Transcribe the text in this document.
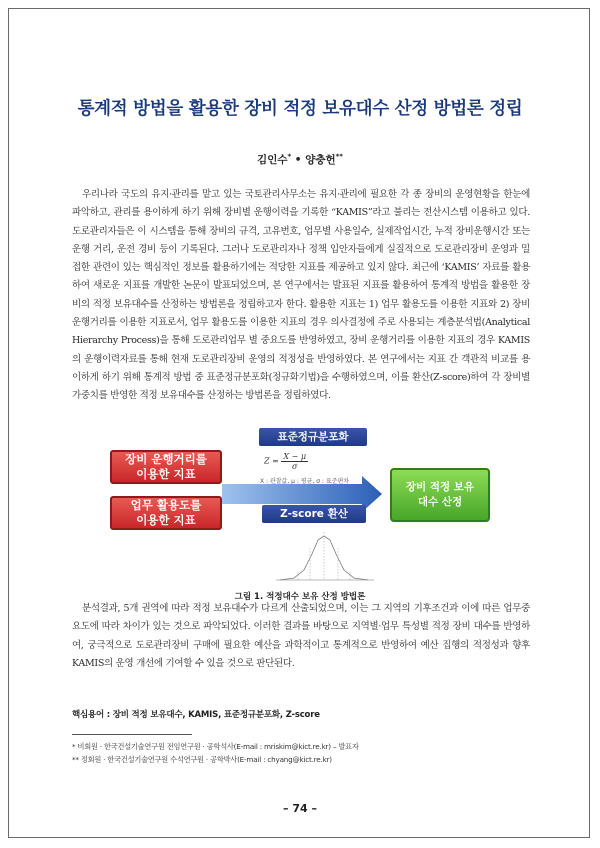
통계적 방법을 활용한 장비 적정 보유대수 산정 방법론 정립
김인수* • 양충헌**

우리나라 국도의 유지·관리를 맡고 있는 국토관리사무소는 유지·관리에 필요한 각 종 장비의 운영현황을 한눈에 파악하고, 관리를 용이하게 하기 위해 장비별 운행이력을 기록한 “KAMIS”라고 불리는 전산시스템 이용하고 있다. 도로관리자들은 이 시스템을 통해 장비의 규격, 고유번호, 업무별 사용일수, 실제작업시간, 누적 장비운행시간 또는 운행 거리, 운전 경비 등이 기록된다. 그러나 도로관리자나 정책 입안자들에게 실질적으로 도로관리장비 운영과 밀접한 관련이 있는 핵심적인 정보를 활용하기에는 적당한 지표를 제공하고 있지 않다. 최근에 ‘KAMIS’ 자료를 활용하여 새로운 지표를 개발한 논문이 발표되었으며, 본 연구에서는 발표된 지표를 활용하여 통계적 방법을 활용한 장비의 적정 보유대수를 산정하는 방법론을 정립하고자 한다. 활용한 지표는 1) 업무 활용도를 이용한 지표와 2) 장비 운행거리를 이용한 지표로서, 업무 활용도를 이용한 지표의 경우 의사결정에 주로 사용되는 계층분석법(Analytical Hierarchy Process)을 통해 도로관리업무 별 중요도를 반영하였고, 장비 운행거리를 이용한 지표의 경우 KAMIS의 운행이력자료를 통해 현재 도로관리장비 운영의 적정성을 반영하였다. 본 연구에서는 지표 간 객관적 비교를 용이하게 하기 위해 통계적 방법 중 표준정규분포화(정규화기법)을 수행하였으며, 이를 환산(Z-score)하여 각 장비별 가중치를 반영한 적정 보유대수를 산정하는 방법론을 정립하였다.

표준정규분포화
Z-score 환산
$Z = \frac{X - \mu}{\sigma}$
X : 관찰값, μ : 평균, σ : 표준편차
장비 운행거리를
이용한 지표
업무 활용도를
이용한 지표
장비 적정 보유
대수 산정
그림 1. 적정대수 보유 산정 방법론

분석결과, 5개 권역에 따라 적정 보유대수가 다르게 산출되었으며, 이는 그 지역의 기후조건과 이에 따른 업무중요도에 따라 차이가 있는 것으로 파악되었다. 이러한 결과를 바탕으로 지역별·업무 특성별 적정 장비 대수를 반영하여, 궁극적으로 도로관리장비 구매에 필요한 예산을 과학적이고 통계적으로 반영하여 예산 집행의 적정성과 향후 KAMIS의 운영 개선에 기여할 수 있을 것으로 판단된다.

핵심용어 : 장비 적정 보유대수, KAMIS, 표준정규분포화, Z-score
* 비회원 · 한국건설기술연구원 전임연구원 · 공학석사(E-mail : mriskim@kict.re.kr) – 발표자
** 정회원 · 한국건설기술연구원 수석연구원 · 공학박사(E-mail : chyang@kict.re.kr)
– 74 –
